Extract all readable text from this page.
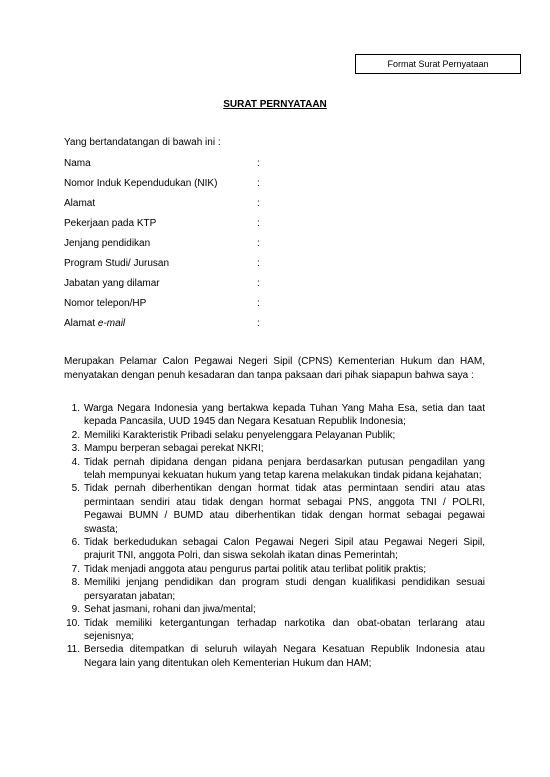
Format Surat Pernyataan
SURAT PERNYATAAN
Yang bertandatangan di bawah ini :
Nama	:
Nomor Induk Kependudukan (NIK)	:
Alamat	:
Pekerjaan pada KTP	:
Jenjang pendidikan	:
Program Studi/ Jurusan	:
Jabatan yang dilamar	:
Nomor telepon/HP	:
Alamat e-mail	:
Merupakan Pelamar Calon Pegawai Negeri Sipil (CPNS) Kementerian Hukum dan HAM, menyatakan dengan penuh kesadaran dan tanpa paksaan dari pihak siapapun bahwa saya :
1. Warga Negara Indonesia yang bertakwa kepada Tuhan Yang Maha Esa, setia dan taat kepada Pancasila, UUD 1945 dan Negara Kesatuan Republik Indonesia;
2. Memiliki Karakteristik Pribadi selaku penyelenggara Pelayanan Publik;
3. Mampu berperan sebagai perekat NKRI;
4. Tidak pernah dipidana dengan pidana penjara berdasarkan putusan pengadilan yang telah mempunyai kekuatan hukum yang tetap karena melakukan tindak pidana kejahatan;
5. Tidak pernah diberhentikan dengan hormat tidak atas permintaan sendiri atau atas permintaan sendiri atau tidak dengan hormat sebagai PNS, anggota TNI / POLRI, Pegawai BUMN / BUMD atau diberhentikan tidak dengan hormat sebagai pegawai swasta;
6. Tidak berkedudukan sebagai Calon Pegawai Negeri Sipil atau Pegawai Negeri Sipil, prajurit TNI, anggota Polri, dan siswa sekolah ikatan dinas Pemerintah;
7. Tidak menjadi anggota atau pengurus partai politik atau terlibat politik praktis;
8. Memiliki jenjang pendidikan dan program studi dengan kualifikasi pendidikan sesuai persyaratan jabatan;
9. Sehat jasmani, rohani dan jiwa/mental;
10. Tidak memiliki ketergantungan terhadap narkotika dan obat-obatan terlarang atau sejenisnya;
11. Bersedia ditempatkan di seluruh wilayah Negara Kesatuan Republik Indonesia atau Negara lain yang ditentukan oleh Kementerian Hukum dan HAM;
